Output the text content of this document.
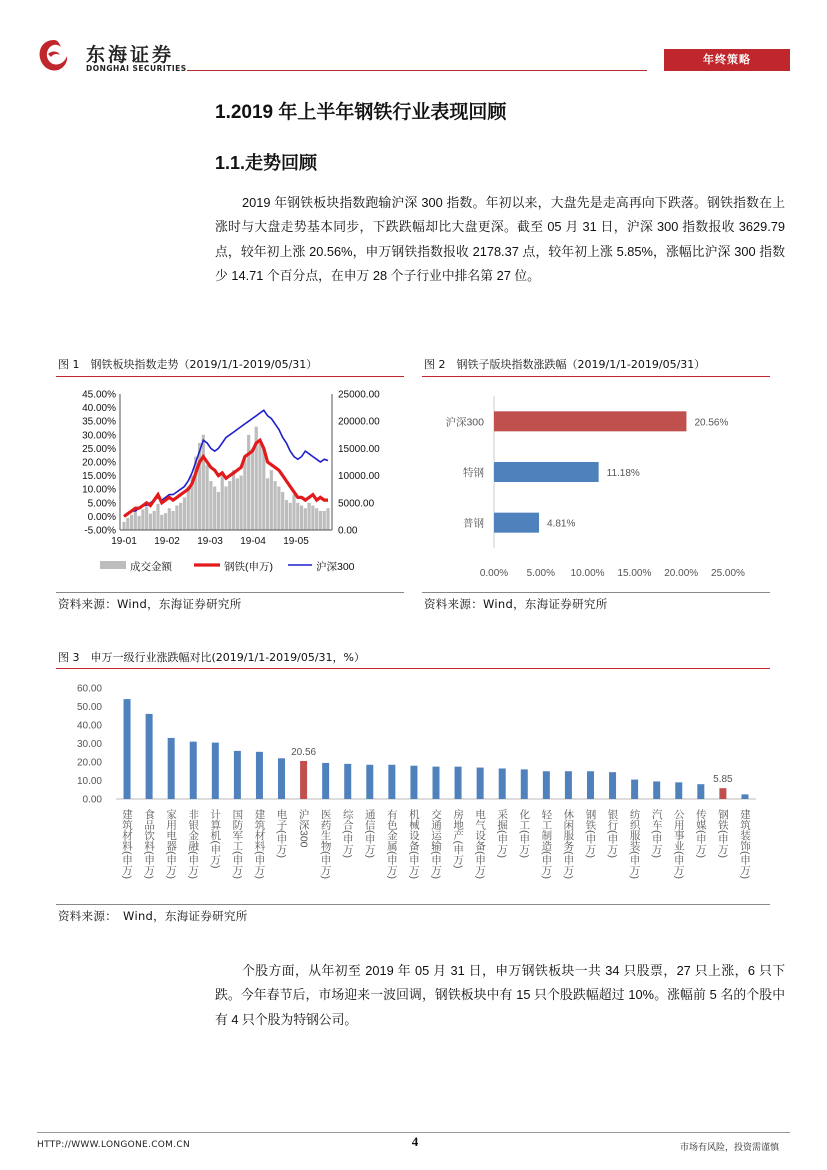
东海证券
DONGHAI SECURITIES
年终策略
1.2019 年上半年钢铁行业表现回顾
1.1.走势回顾
2019 年钢铁板块指数跑输沪深 300 指数。年初以来，大盘先是走高再向下跌落。钢铁指数在上涨时与大盘走势基本同步，下跌跌幅却比大盘更深。截至 05 月 31 日，沪深 300 指数报收 3629.79 点，较年初上涨 20.56%，申万钢铁指数报收 2178.37 点，较年初上涨 5.85%，涨幅比沪深 300 指数少 14.71 个百分点，在申万 28 个子行业中排名第 27 位。
图 1　钢铁板块指数走势（2019/1/1-2019/05/31）
45.00%
40.00%
35.00%
30.00%
25.00%
20.00%
15.00%
10.00%
5.00%
0.00%
-5.00%
25000.00
20000.00
15000.00
10000.00
5000.00
0.00
19-01 19-02 19-03 19-04 19-05
成交金额	钢铁(申万)	沪深300
资料来源：Wind，东海证券研究所
图 2　钢铁子版块指数涨跌幅（2019/1/1-2019/05/31）
0.00% 5.00% 10.00% 15.00% 20.00% 25.00%
沪深300	20.56%
特钢	11.18%
普钢	4.81%
资料来源：Wind，东海证券研究所
图 3　申万一级行业涨跌幅对比(2019/1/1-2019/05/31，%）
60.00
50.00
40.00
30.00
20.00
10.00
0.00
建筑材料(申万) 食品饮料(申万) 家用电器(申万) 非银金融(申万) 计算机(申万) 国防军工(申万) 建筑材料(申万) 电子(申万)
20.56
沪深300 医药生物(申万) 综合(申万) 通信(申万) 有色金属(申万) 机械设备(申万) 交通运输(申万) 房地产(申万) 电气设备(申万) 采掘(申万) 化工(申万) 轻工制造(申万) 休闲服务(申万) 钢铁(申万) 银行(申万) 纺织服装(申万) 汽车(申万) 公用事业(申万) 传媒(申万)
5.85
钢铁(申万) 建筑装饰(申万)
资料来源：　Wind，东海证券研究所
个股方面，从年初至 2019 年 05 月 31 日，申万钢铁板块一共 34 只股票，27 只上涨，6 只下跌。今年春节后，市场迎来一波回调，钢铁板块中有 15 只个股跌幅超过 10%。涨幅前 5 名的个股中有 4 只个股为特钢公司。
HTTP://WWW.LONGONE.COM.CN	4	市场有风险，投资需谨慎
